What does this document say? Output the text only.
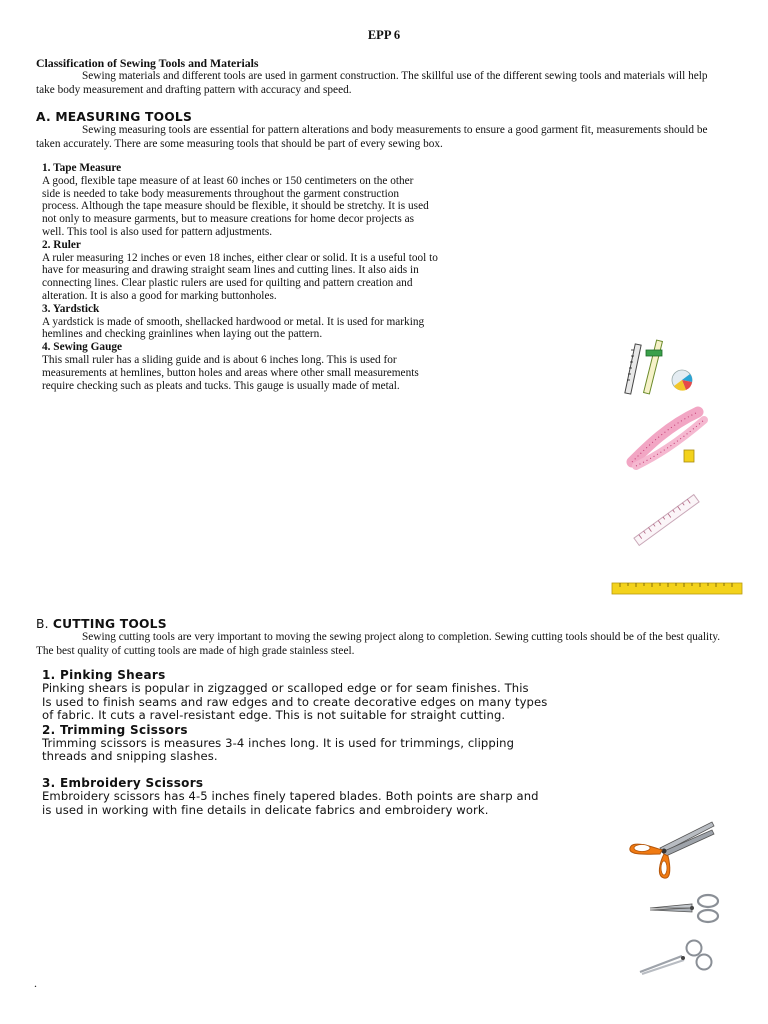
EPP 6
Classification of Sewing Tools and Materials
Sewing materials and different tools are used in garment construction. The skillful use of the different sewing tools and materials will help take body measurement and drafting pattern with accuracy and speed.
A. MEASURING TOOLS
Sewing measuring tools are essential for pattern alterations and body measurements to ensure a good garment fit, measurements should be taken accurately. There are some measuring tools that should be part of every sewing box.
1. Tape Measure
A good, flexible tape measure of at least 60 inches or 150 centimeters on the other
side is needed to take body measurements throughout the garment construction
process. Although the tape measure should be flexible, it should be stretchy. It is used
not only to measure garments, but to measure creations for home decor projects as
well. This tool is also used for pattern adjustments.
2. Ruler
A ruler measuring 12 inches or even 18 inches, either clear or solid. It is a useful tool to
have for measuring and drawing straight seam lines and cutting lines. It also aids in
connecting lines. Clear plastic rulers are used for quilting and pattern creation and
alteration. It is also a good for marking buttonholes.
3. Yardstick
A yardstick is made of smooth, shellacked hardwood or metal. It is used for marking
hemlines and checking grainlines when laying out the pattern.
4. Sewing Gauge
This small ruler has a sliding guide and is about 6 inches long. This is used for
measurements at hemlines, button holes and areas where other small measurements
require checking such as pleats and tucks. This gauge is usually made of metal.
B. CUTTING TOOLS
Sewing cutting tools are very important to moving the sewing project along to completion. Sewing cutting tools should be of the best quality. The best quality of cutting tools are made of high grade stainless steel.
1. Pinking Shears
Pinking shears is popular in zigzagged or scalloped edge or for seam finishes. This
Is used to finish seams and raw edges and to create decorative edges on many types
of fabric. It cuts a ravel-resistant edge. This is not suitable for straight cutting.
2. Trimming Scissors
Trimming scissors is measures 3-4 inches long. It is used for trimmings, clipping
threads and snipping slashes.
3. Embroidery Scissors
Embroidery scissors has 4-5 inches finely tapered blades. Both points are sharp and
is used in working with fine details in delicate fabrics and embroidery work.
.
